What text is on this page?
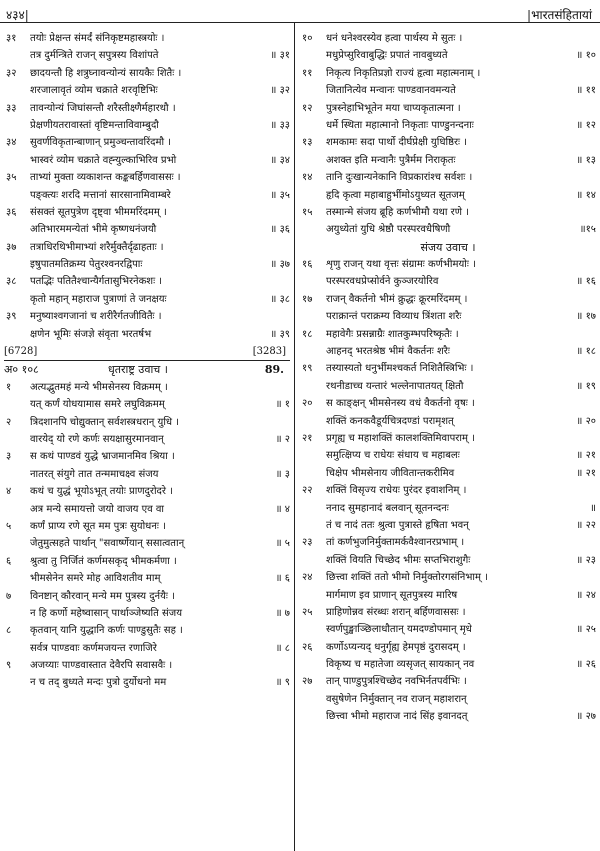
४३४|	|भारतसंहितायां
३१	तयोः प्रेक्षन्त संमर्दं संनिकृष्टमहास्त्रयोः ।
तत्र दुर्मन्त्रिते राजन् सपुत्रस्य विशांपते	॥ ३१
३२	छादयन्तौ हि शत्रुघ्नावन्योन्यं सायकैः शितैः ।
शरजालावृतं व्योम चक्राते शरवृष्टिभिः	॥ ३२
३३	तावन्योन्यं जिघांसन्तौ शरैस्तीक्ष्णैर्महारथौ ।
प्रेक्षणीयतरावास्तां वृष्टिमन्ताविवाम्बुदौ	॥ ३३
३४	सुवर्णविकृतान्बाणान् प्रमुञ्चन्तावरिंदमौ ।
भास्वरं व्योम चक्राते वह्न्युल्काभिरिव प्रभो	॥ ३४
३५	ताभ्यां मुक्ता व्यकाशन्त कङ्कबर्हिणवाससः ।
पङ्क्त्यः शरदि मत्तानां सारसानामिवाम्बरे	॥ ३५
३६	संसक्तं सूतपुत्रेण दृष्ट्वा भीममरिंदमम् ।
अतिभारममन्येतां भीमे कृष्णधनंजयौ	॥ ३६
३७	तत्राधिरथिभीमाभ्यां शरैर्मुक्तैर्दृढाहताः ।
इषुपातमतिक्रम्य पेतुरश्वनरद्विपाः	॥ ३७
३८	पतद्भिः पतितैश्चान्यैर्गतासुभिरनेकशः ।
कृतो महान् महाराज पुत्राणां ते जनक्षयः	॥ ३८
३९	मनुष्याश्वगजानां च शरीरैर्गतजीवितैः ।
क्षणेन भूमिः संजज्ञे संवृता भरतर्षभ	॥ ३९
[6728]	[3283]
अ० १०८	धृतराष्ट्र उवाच ।	89.
१	अत्यद्भुतमहं मन्ये भीमसेनस्य विक्रमम् ।
यत् कर्णं योधयामास समरे लघुविक्रमम्	॥ १
२	त्रिदशानपि चोद्युक्तान् सर्वशस्त्रधरान् युधि ।
वारयेद् यो रणे कर्णः सयक्षासुरमानवान्	॥ २
३	स कथं पाण्डवं युद्धे भ्राजमानमिव श्रिया ।
नातरत् संयुगे तात तन्ममाचक्ष्व संजय	॥ ३
४	कथं च युद्धं भूयोऽभूत् तयोः प्राणदुरोदरे ।
अत्र मन्ये समायत्तो जयो वाजय एव वा	॥ ४
५	कर्णं प्राप्य रणे सूत मम पुत्रः सुयोधनः ।
जेतुमुत्सहते पार्थान् "सवार्ष्णेयान् ससात्वतान्	॥ ५
६	श्रुत्वा तु निर्जितं कर्णमसकृद् भीमकर्मणा ।
भीमसेनेन समरे मोह आविशतीव माम्	॥ ६
७	विनष्टान् कौरवान् मन्ये मम पुत्रस्य दुर्नयैः ।
न हि कर्णो महेष्वासान् पार्थाञ्जेष्यति संजय	॥ ७
८	कृतवान् यानि युद्धानि कर्णः पाण्डुसुतैः सह ।
सर्वत्र पाण्डवाः कर्णमजयन्त रणाजिरे	॥ ८
९	अजय्याः पाण्डवास्तात देवैरपि सवासवैः ।
न च तद् बुध्यते मन्दः पुत्रो दुर्योधनो मम	॥ ९
१०	धनं धनेश्वरस्येव हत्वा पार्थस्य मे सुतः ।
मधुप्रेप्सुरिवाबुद्धिः प्रपातं नावबुध्यते	॥ १०
११	निकृत्य निकृतिप्रज्ञो राज्यं हृत्वा महात्मनाम् ।
जितानित्येव मन्वानः पाण्डवानवमन्यते	॥ ११
१२	पुत्रस्नेहाभिभूतेन मया चाप्यकृतात्मना ।
धर्मे स्थिता महात्मानो निकृताः पाण्डुनन्दनाः	॥ १२
१३	शमकामः सदा पार्थो दीर्घप्रेक्षी युधिष्ठिरः ।
अशक्त इति मन्वानैः पुत्रैर्मम निराकृतः	॥ १३
१४	तानि दुःखान्यनेकानि विप्रकारांश्च सर्वशः ।
हृदि कृत्वा महाबाहुर्भीमोऽयुध्यत सूतजम्	॥ १४
१५	तस्मान्मे संजय ब्रूहि कर्णभीमौ यथा रणे ।
अयुध्येतां युधि श्रेष्ठौ परस्परवधैषिणौ	॥१५
संजय उवाच ।
१६	शृणु राजन् यथा वृत्तः संग्रामः कर्णभीमयोः ।
परस्परवधप्रेप्सोर्वने कुञ्जरयोरिव	॥ १६
१७	राजन् वैकर्तनो भीमं क्रुद्धः क्रूरमरिंदमम् ।
पराक्रान्तं पराक्रम्य विव्याध त्रिंशता शरैः	॥ १७
१८	महावेगैः प्रसन्नाग्रैः शातकुम्भपरिष्कृतैः ।
आहनद् भरतश्रेष्ठ भीमं वैकर्तनः शरैः	॥ १८
१९	तस्यास्यतो धनुर्भीमश्चकर्त निशितैस्त्रिभिः ।
रथनीडाच्च यन्तारं भल्लेनापातयत् क्षितौ	॥ १९
२०	स काङ्क्षन् भीमसेनस्य वधं वैकर्तनो वृषः ।
शक्तिं कनकवैडूर्यचित्रदण्डां परामृशत्	॥ २०
२१	प्रगृह्य च महाशक्तिं कालशक्तिमिवापराम् ।
समुत्क्षिप्य च राधेयः संधाय च महाबलः	॥ २१
चिक्षेप भीमसेनाय जीवितान्तकरीमिव	॥ २१
२२	शक्तिं विसृज्य राधेयः पुरंदर इवाशनिम् ।
ननाद सुमहानादं बलवान् सूतनन्दनः	॥
तं च नादं ततः श्रुत्वा पुत्रास्ते हृषिता भवन्	॥ २२
२३	तां कर्णभुजनिर्मुक्तामर्कवैश्वानरप्रभाम् ।
शक्तिं वियति चिच्छेद भीमः सप्तभिराशुगैः	॥ २३
२४	छित्त्वा शक्तिं ततो भीमो निर्मुक्तोरगसंनिभाम् ।
मार्गमाण इव प्राणान् सूतपुत्रस्य मारिष	॥ २४
२५	प्राहिणोन्नव संरब्धः शरान् बर्हिणवाससः ।
स्वर्णपुङ्खाञ्छिलाधौतान् यमदण्डोपमान् मृधे	॥ २५
२६	कर्णोऽप्यन्यद् धनुर्गृह्य हेमपृष्ठं दुरासदम् ।
विकृष्य च महातेजा व्यसृजत् सायकान् नव	॥ २६
२७	तान् पाण्डुपुत्रश्चिच्छेद नवभिर्नतपर्वभिः ।
वसुषेणेन निर्मुक्तान् नव राजन् महाशरान्
छित्त्वा भीमो महाराज नादं सिंह इवानदत्	॥ २७
